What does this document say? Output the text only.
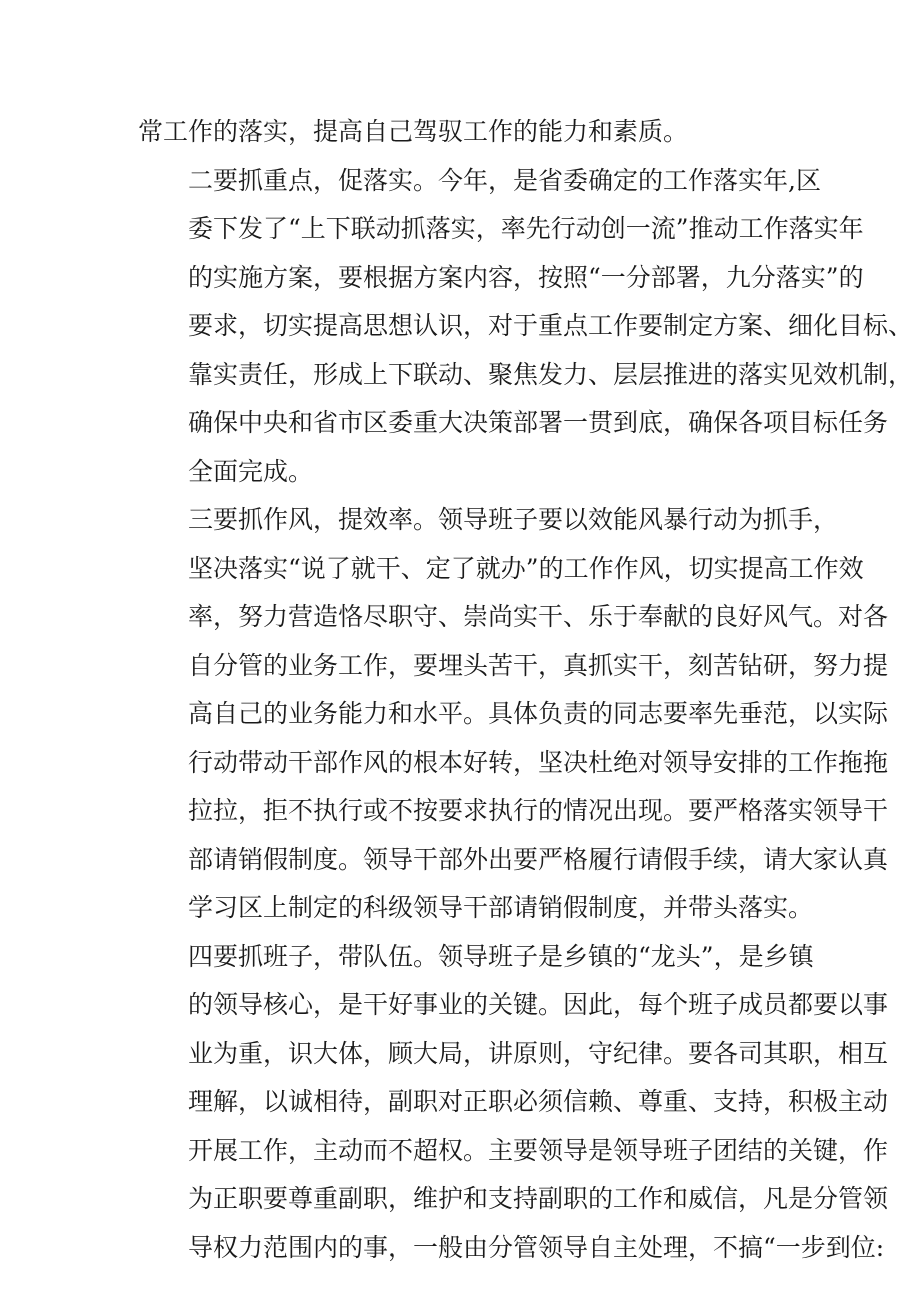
常工作的落实，提高自己驾驭工作的能力和素质。

二要抓重点，促落实。今年，是省委确定的工作落实年,区
委下发了“上下联动抓落实，率先行动创一流”推动工作落实年
的实施方案，要根据方案内容，按照“一分部署，九分落实”的
要求，切实提高思想认识，对于重点工作要制定方案、细化目标、
靠实责任，形成上下联动、聚焦发力、层层推进的落实见效机制，
确保中央和省市区委重大决策部署一贯到底，确保各项目标任务
全面完成。

三要抓作风，提效率。领导班子要以效能风暴行动为抓手，
坚决落实“说了就干、定了就办”的工作作风，切实提高工作效
率，努力营造恪尽职守、崇尚实干、乐于奉献的良好风气。对各
自分管的业务工作，要埋头苦干，真抓实干，刻苦钻研，努力提
高自己的业务能力和水平。具体负责的同志要率先垂范，以实际
行动带动干部作风的根本好转，坚决杜绝对领导安排的工作拖拖
拉拉，拒不执行或不按要求执行的情况出现。要严格落实领导干
部请销假制度。领导干部外出要严格履行请假手续，请大家认真
学习区上制定的科级领导干部请销假制度，并带头落实。

四要抓班子，带队伍。领导班子是乡镇的“龙头”，是乡镇
的领导核心，是干好事业的关键。因此，每个班子成员都要以事
业为重，识大体，顾大局，讲原则，守纪律。要各司其职，相互
理解，以诚相待，副职对正职必须信赖、尊重、支持，积极主动
开展工作，主动而不超权。主要领导是领导班子团结的关键，作
为正职要尊重副职，维护和支持副职的工作和威信，凡是分管领
导权力范围内的事，一般由分管领导自主处理，不搞“一步到位:
